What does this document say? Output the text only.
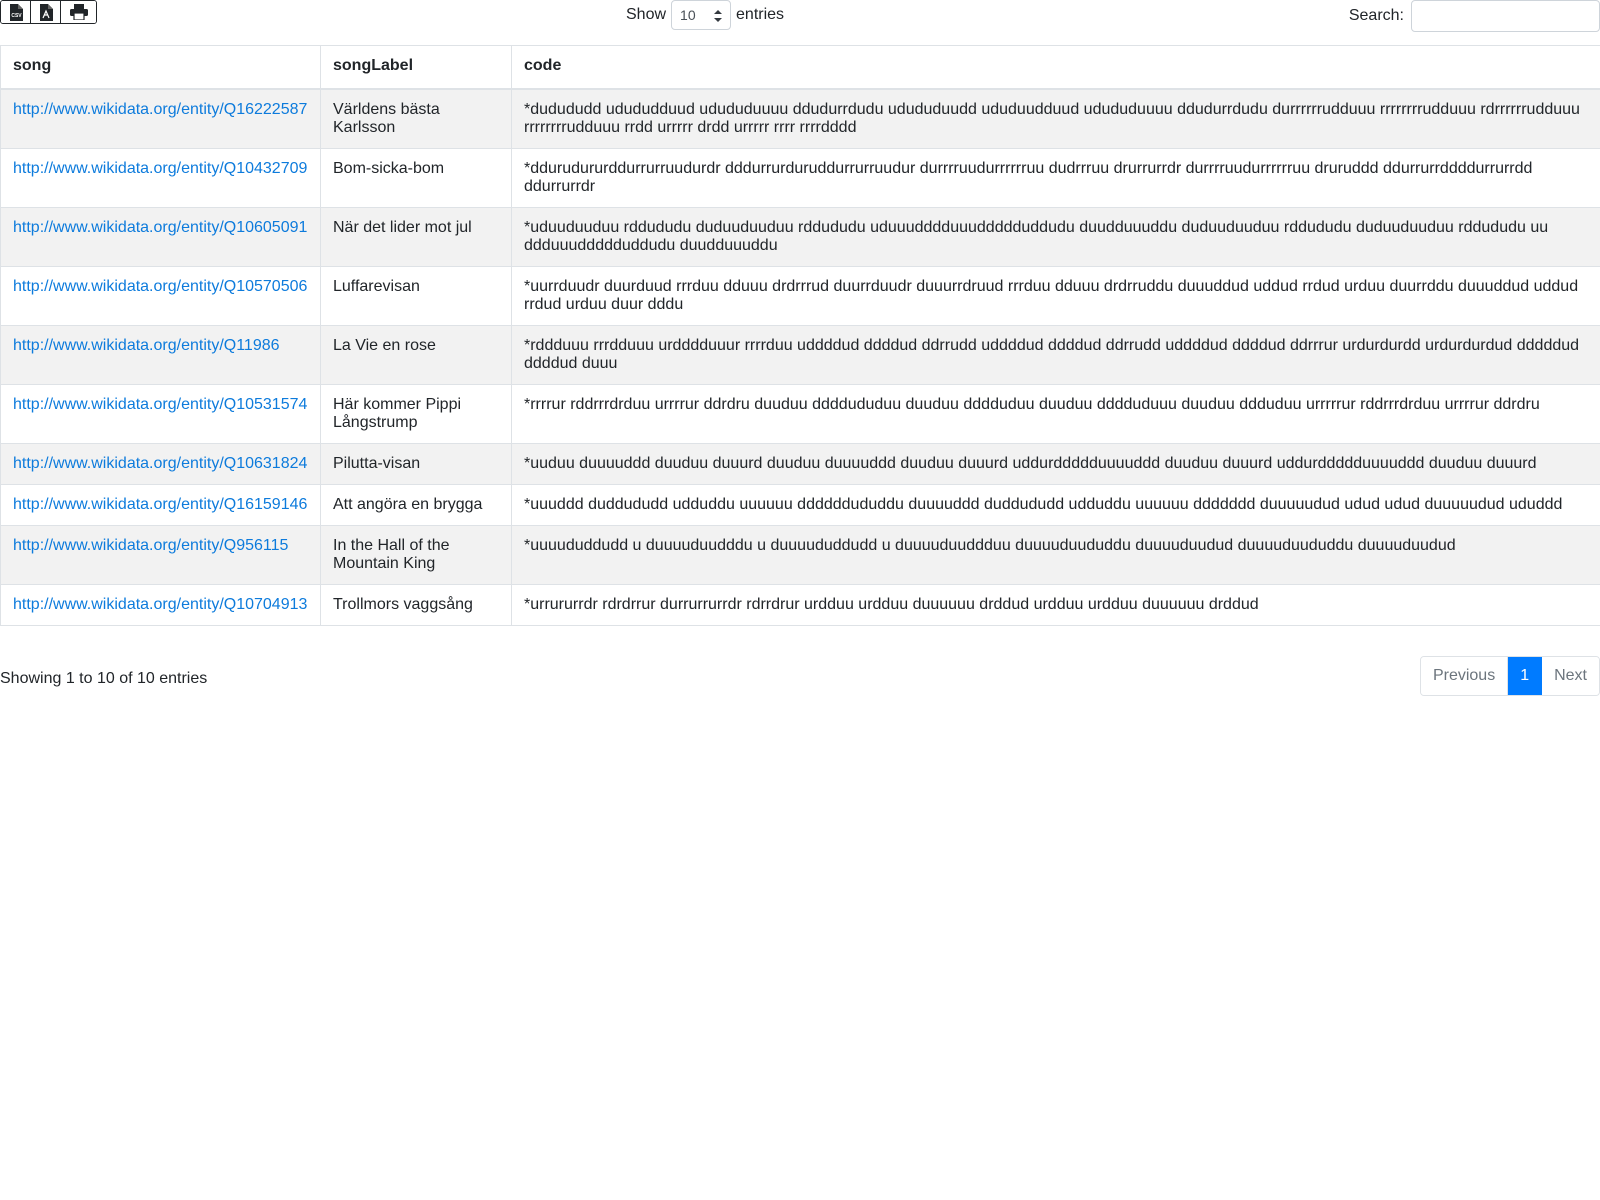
CSV	Show 10	entries	Search:
song	songLabel	code
http://www.wikidata.org/entity/Q16222587	Världens bästa Karlsson	*dudududd udududduud udududuuuu ddudurrdudu udududuudd ududuudduud udududuuuu ddudurrdudu durrrrrrudduuu rrrrrrrrudduuu rdrrrrrrudduuu rrrrrrrrudduuu rrdd urrrrr drdd urrrrr rrrr rrrrdddd
http://www.wikidata.org/entity/Q10432709	Bom-sicka-bom	*ddurudururddurrurruudurdr dddurrurduruddurrurruudur durrrruudurrrrrruu dudrrruu drurrurrdr durrrruudurrrrrruu druruddd ddurrurrddddurrurrdd ddurrurrdr
http://www.wikidata.org/entity/Q10605091	När det lider mot jul	*uduuduuduu rddududu duduuduuduu rddududu uduuudddduuuddddduddudu duudduuuddu duduuduuduu rddududu duduuduuduu rddududu uu ddduuuddddduddudu duudduuuddu
http://www.wikidata.org/entity/Q10570506	Luffarevisan	*uurrduudr duurduud rrrduu dduuu drdrrrud duurrduudr duuurrdruud rrrduu dduuu drdrruddu duuuddud uddud rrdud urduu duurrddu duuuddud uddud rrdud urduu duur dddu
http://www.wikidata.org/entity/Q11986	La Vie en rose	*rddduuu rrrdduuu urdddduuur rrrrduu uddddud ddddud ddrrudd uddddud ddddud ddrrudd uddddud ddddud ddrrrur urdurdurdd urdurdurdud dddddud ddddud duuu
http://www.wikidata.org/entity/Q10531574	Här kommer Pippi Långstrump	*rrrrur rddrrrdrduu urrrrur ddrdru duuduu ddddududuu duuduu dddduduu duuduu dddduduuu duuduu ddduduu urrrrrur rddrrrdrduu urrrrur ddrdru
http://www.wikidata.org/entity/Q10631824	Pilutta-visan	*uuduu duuuuddd duuduu duuurd duuduu duuuuddd duuduu duuurd uddurddddduuuuddd duuduu duuurd uddurddddduuuuddd duuduu duuurd
http://www.wikidata.org/entity/Q16159146	Att angöra en brygga	*uuuddd duddududd udduddu uuuuuu ddddddududdu duuuuddd duddududd udduddu uuuuuu ddddddd duuuuudud udud udud duuuuudud ududdd
http://www.wikidata.org/entity/Q956115	In the Hall of the Mountain King	*uuuududdudd u duuuuduudddu u duuuududdudd u duuuuduuddduu duuuuduududdu duuuuduudud duuuuduududdu duuuuduudud
http://www.wikidata.org/entity/Q10704913	Trollmors vaggsång	*urrururrdr rdrdrrur durrurrurrdr rdrrdrur urdduu urdduu duuuuuu drddud urdduu urdduu duuuuuu drddud
Showing 1 to 10 of 10 entries	Previous	1	Next
